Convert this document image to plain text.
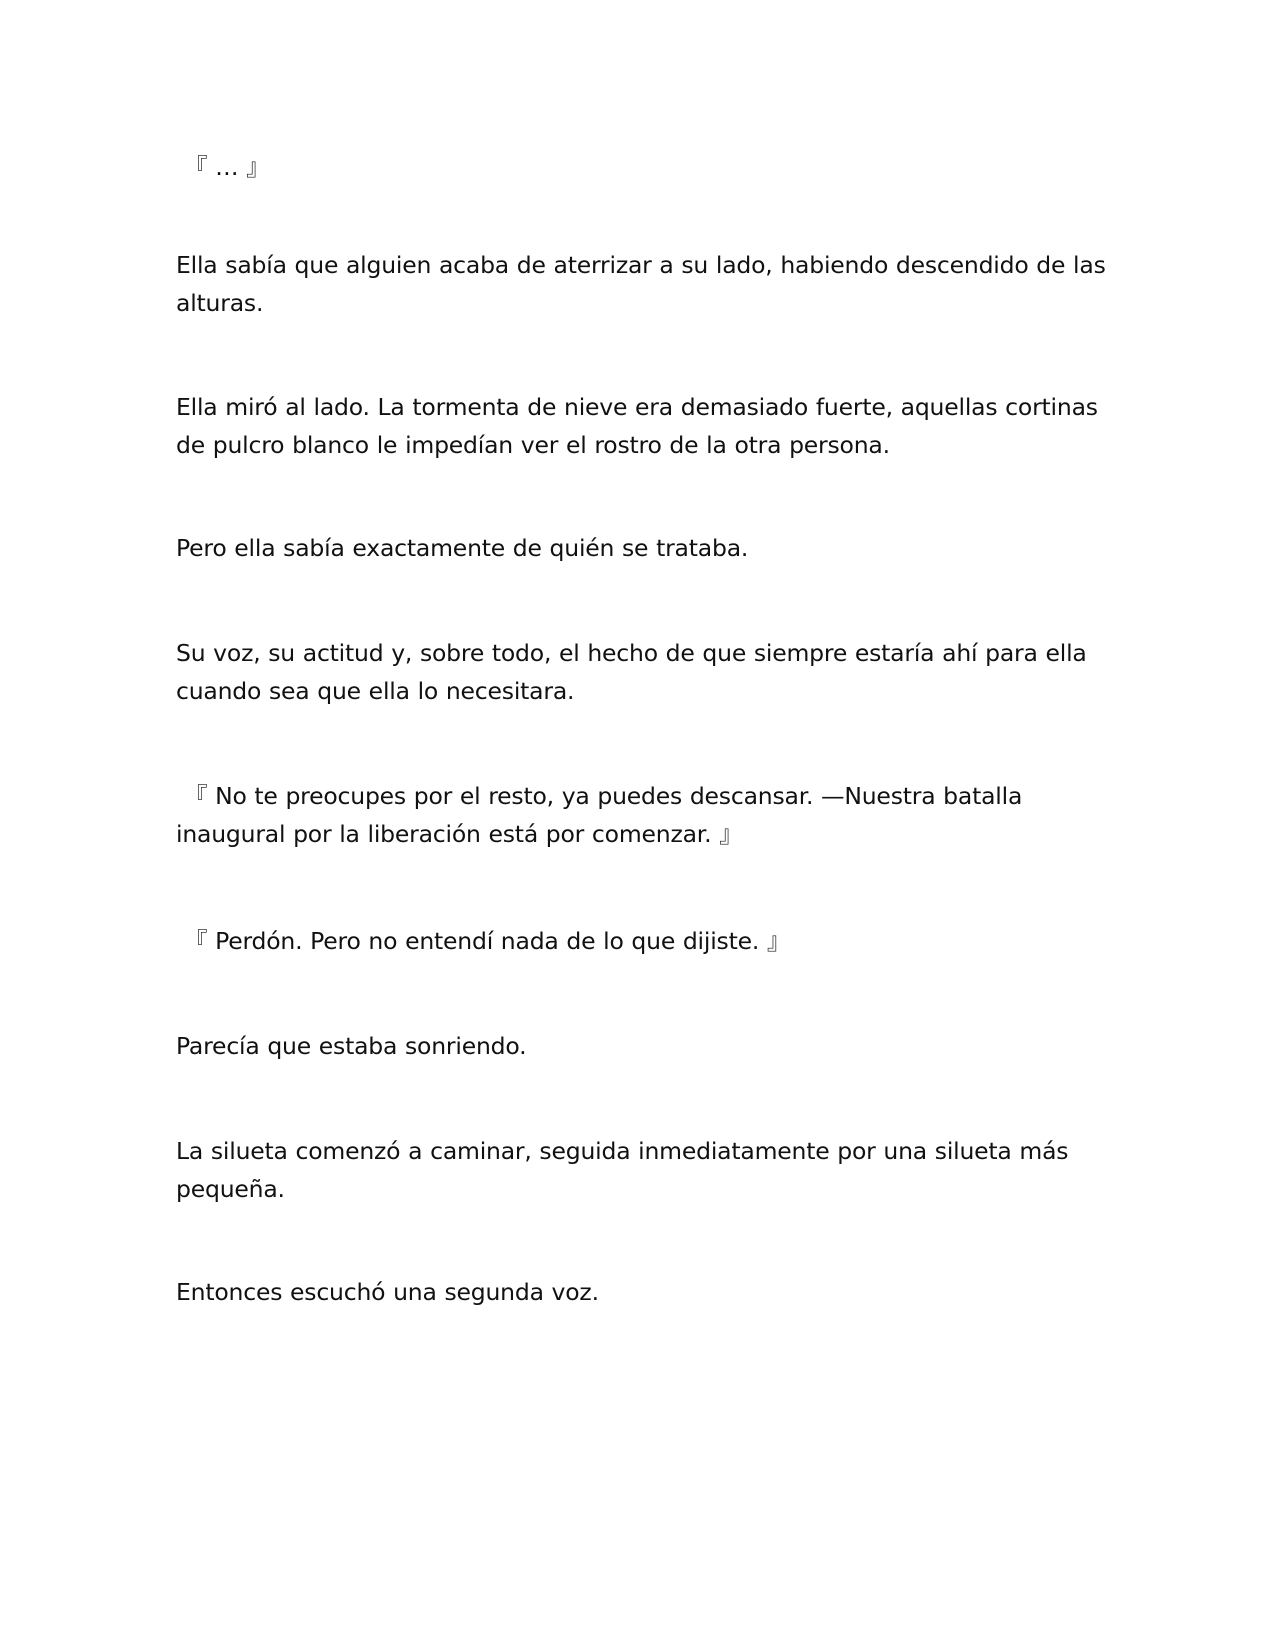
『 … 』

Ella sabía que alguien acaba de aterrizar a su lado, habiendo descendido de las alturas.

Ella miró al lado. La tormenta de nieve era demasiado fuerte, aquellas cortinas de pulcro blanco le impedían ver el rostro de la otra persona.

Pero ella sabía exactamente de quién se trataba.

Su voz, su actitud y, sobre todo, el hecho de que siempre estaría ahí para ella cuando sea que ella lo necesitara.

『 No te preocupes por el resto, ya puedes descansar. —Nuestra batalla inaugural por la liberación está por comenzar. 』

『 Perdón. Pero no entendí nada de lo que dijiste. 』

Parecía que estaba sonriendo.

La silueta comenzó a caminar, seguida inmediatamente por una silueta más pequeña.

Entonces escuchó una segunda voz.
